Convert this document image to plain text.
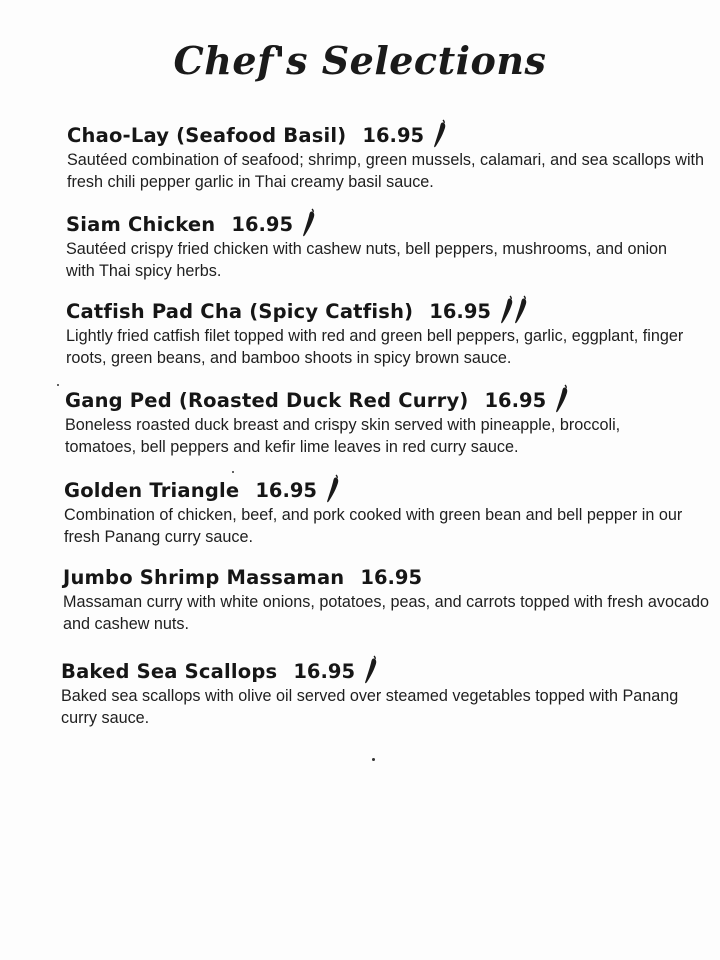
Chef's Selections
Chao-Lay (Seafood Basil) 16.95
Sautéed combination of seafood; shrimp, green mussels, calamari, and sea scallops with fresh chili pepper garlic in Thai creamy basil sauce.
Siam Chicken 16.95
Sautéed crispy fried chicken with cashew nuts, bell peppers, mushrooms, and onion with Thai spicy herbs.
Catfish Pad Cha (Spicy Catfish) 16.95
Lightly fried catfish filet topped with red and green bell peppers, garlic, eggplant, finger roots, green beans, and bamboo shoots in spicy brown sauce.
Gang Ped (Roasted Duck Red Curry) 16.95
Boneless roasted duck breast and crispy skin served with pineapple, broccoli, tomatoes, bell peppers and kefir lime leaves in red curry sauce.
Golden Triangle 16.95
Combination of chicken, beef, and pork cooked with green bean and bell pepper in our fresh Panang curry sauce.
Jumbo Shrimp Massaman 16.95
Massaman curry with white onions, potatoes, peas, and carrots topped with fresh avocado and cashew nuts.
Baked Sea Scallops 16.95
Baked sea scallops with olive oil served over steamed vegetables topped with Panang curry sauce.
